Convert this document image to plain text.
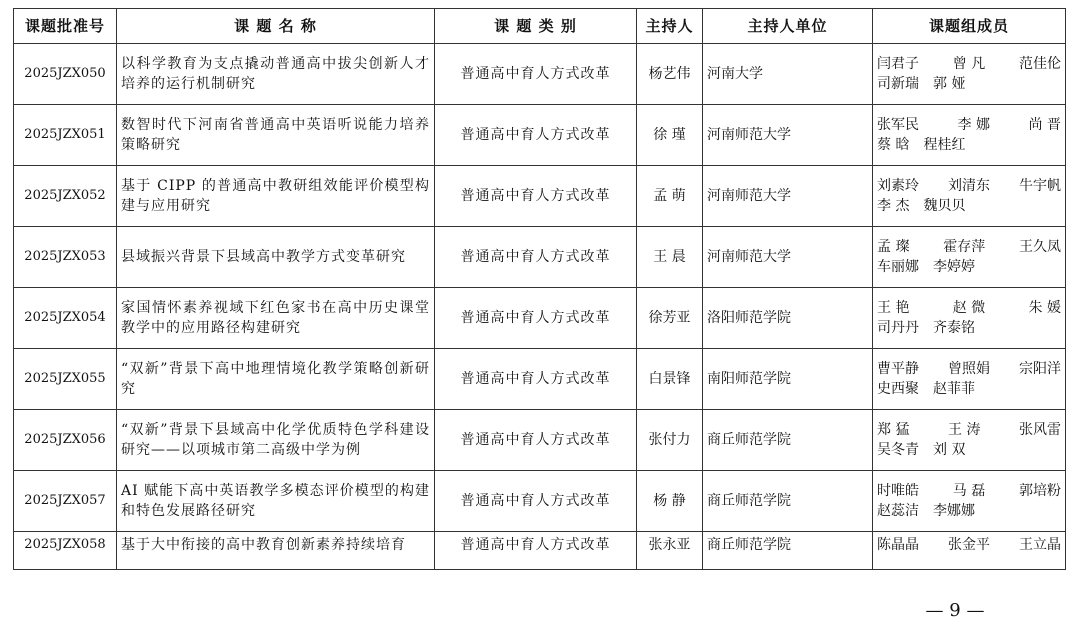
课题批准号	课 题 名 称	课 题 类 别	主持人	主持人单位	课题组成员
2025JZX050	以科学教育为支点撬动普通高中拔尖创新人才培养的运行机制研究	普通高中育人方式改革	杨艺伟	河南大学	闫君子 曾 凡 范佳伦
司新瑞 郭 娅

2025JZX051	数智时代下河南省普通高中英语听说能力培养策略研究	普通高中育人方式改革	徐 瑾	河南师范大学	张军民 李 娜 尚 晋
蔡 晗 程桂红

2025JZX052	基于 CIPP 的普通高中教研组效能评价模型构建与应用研究	普通高中育人方式改革	孟 萌	河南师范大学	刘素玲 刘清东 牛宇帆
李 杰 魏贝贝

2025JZX053	县域振兴背景下县域高中教学方式变革研究	普通高中育人方式改革	王 晨	河南师范大学	孟 璨 霍存萍 王久凤
车丽娜 李婷婷

2025JZX054	家国情怀素养视域下红色家书在高中历史课堂教学中的应用路径构建研究	普通高中育人方式改革	徐芳亚	洛阳师范学院	王 艳 赵 微 朱 媛
司丹丹 齐泰铭

2025JZX055	“双新”背景下高中地理情境化教学策略创新研究	普通高中育人方式改革	白景锋	南阳师范学院	曹平静 曾照娟 宗阳洋
史西聚 赵菲菲

2025JZX056	“双新”背景下县域高中化学优质特色学科建设研究——以项城市第二高级中学为例	普通高中育人方式改革	张付力	商丘师范学院	郑 猛 王 涛 张风雷
吴冬青 刘 双

2025JZX057	AI 赋能下高中英语教学多模态评价模型的构建和特色发展路径研究	普通高中育人方式改革	杨 静	商丘师范学院	时唯皓 马 磊 郭培粉
赵蕊洁 李娜娜

2025JZX058	基于大中衔接的高中教育创新素养持续培育	普通高中育人方式改革	张永亚	商丘师范学院	陈晶晶 张金平 王立晶
— 9 —
